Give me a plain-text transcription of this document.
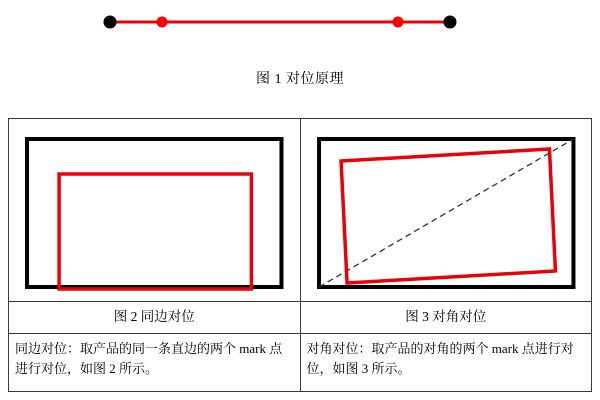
图 1 对位原理

图 2 同边对位	图 3 对角对位
同边对位：取产品的同一条直边的两个 mark 点进行对位，如图 2 所示。	对角对位：取产品的对角的两个 mark 点进行对位，如图 3 所示。
